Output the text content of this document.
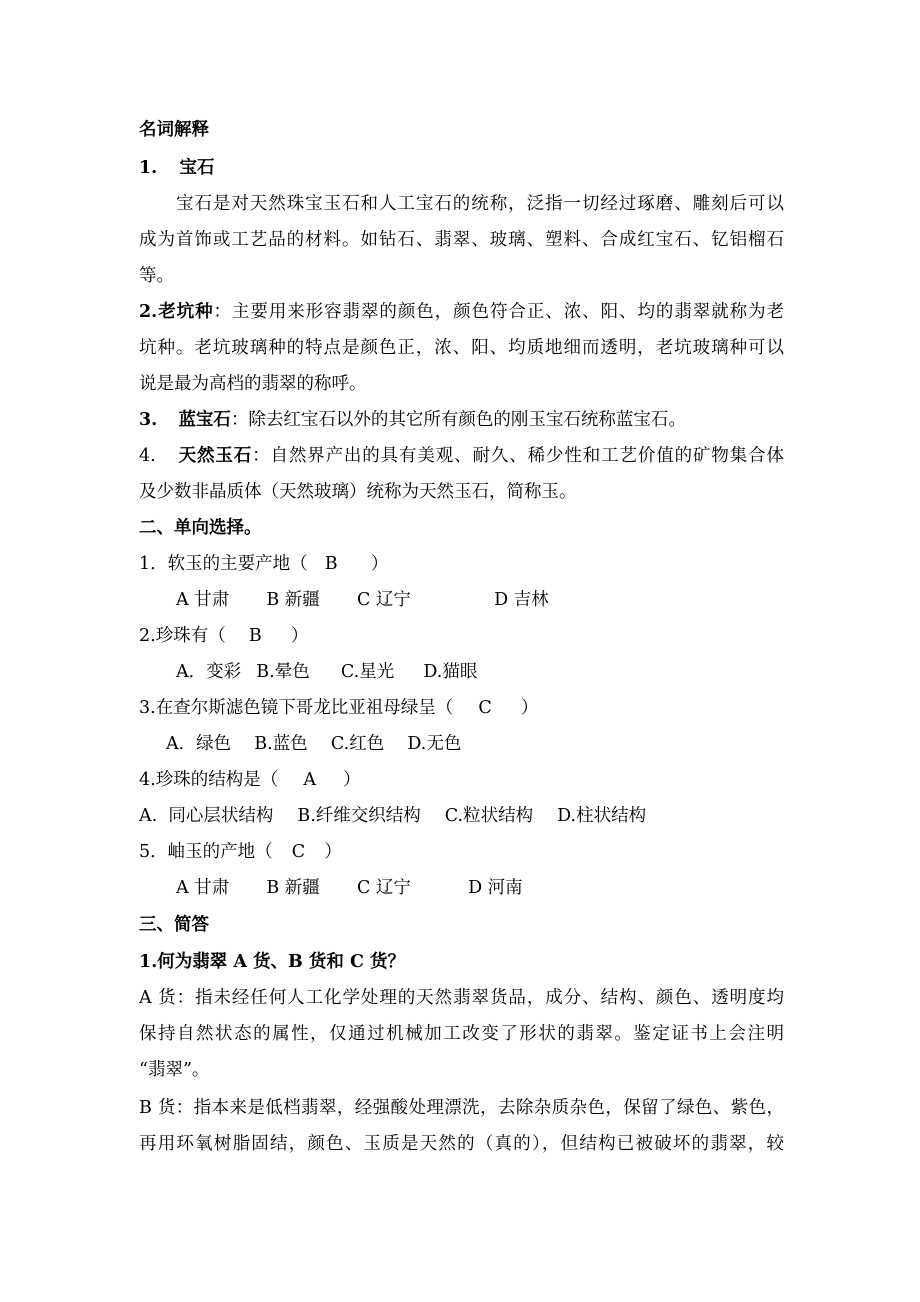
名词解释
1. 宝石
宝石是对天然珠宝玉石和人工宝石的统称，泛指一切经过琢磨、雕刻后可以
成为首饰或工艺品的材料。如钻石、翡翠、玻璃、塑料、合成红宝石、钇铝榴石
等。
2.老坑种：主要用来形容翡翠的颜色，颜色符合正、浓、阳、均的翡翠就称为老
坑种。老坑玻璃种的特点是颜色正，浓、阳、均质地细而透明，老坑玻璃种可以
说是最为高档的翡翠的称呼。
3. 蓝宝石：除去红宝石以外的其它所有颜色的刚玉宝石统称蓝宝石。
4. 天然玉石：自然界产出的具有美观、耐久、稀少性和工艺价值的矿物集合体
及少数非晶质体（天然玻璃）统称为天然玉石，简称玉。
二、单向选择。
1．软玉的主要产地（ B ）
A 甘肃 B 新疆 C 辽宁	D 吉林
2.珍珠有（ B ）
A．变彩 B.晕色 C.星光 D.猫眼
3.在查尔斯滤色镜下哥龙比亚祖母绿呈（ C ）
A．绿色 B.蓝色 C.红色 D.无色
4.珍珠的结构是（ A ）
A.  同心层状结构 B.纤维交织结构 C.粒状结构 D.柱状结构
5．岫玉的产地（ C ）
A 甘肃 B 新疆 C 辽宁	D 河南
三、简答
1.何为翡翠 A 货、B 货和 C 货？
A 货：指未经任何人工化学处理的天然翡翠货品，成分、结构、颜色、透明度均
保持自然状态的属性，仅通过机械加工改变了形状的翡翠。鉴定证书上会注明
“翡翠”。
B 货：指本来是低档翡翠，经强酸处理漂洗，去除杂质杂色，保留了绿色、紫色，
再用环氧树脂固结，颜色、玉质是天然的（真的），但结构已被破坏的翡翠，较
